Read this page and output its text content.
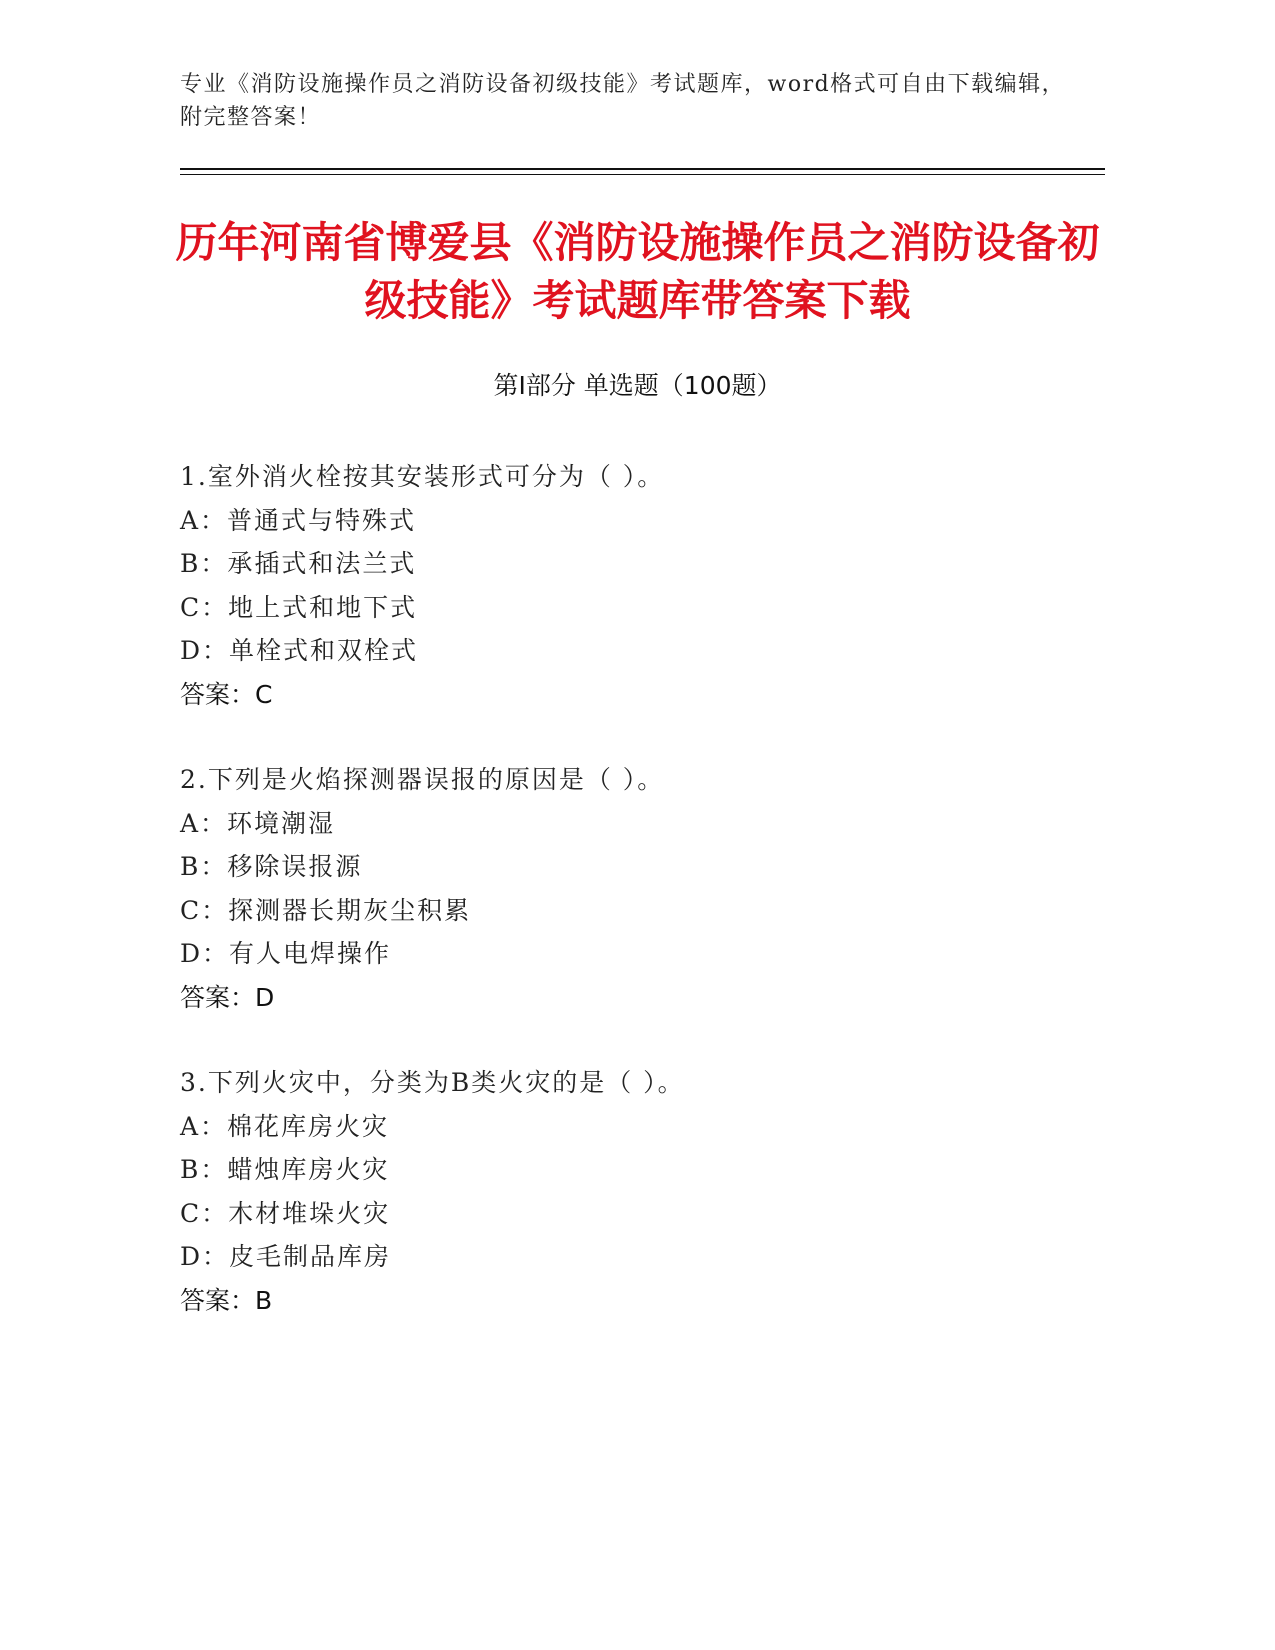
专业《消防设施操作员之消防设备初级技能》考试题库，word格式可自由下载编辑，附完整答案！
历年河南省博爱县《消防设施操作员之消防设备初级技能》考试题库带答案下载
第Ⅰ部分 单选题（100题）
1.室外消火栓按其安装形式可分为（ ）。
A：普通式与特殊式
B：承插式和法兰式
C：地上式和地下式
D：单栓式和双栓式
答案：C
2.下列是火焰探测器误报的原因是（ ）。
A：环境潮湿
B：移除误报源
C：探测器长期灰尘积累
D：有人电焊操作
答案：D
3.下列火灾中，分类为B类火灾的是（ ）。
A：棉花库房火灾
B：蜡烛库房火灾
C：木材堆垛火灾
D：皮毛制品库房
答案：B
